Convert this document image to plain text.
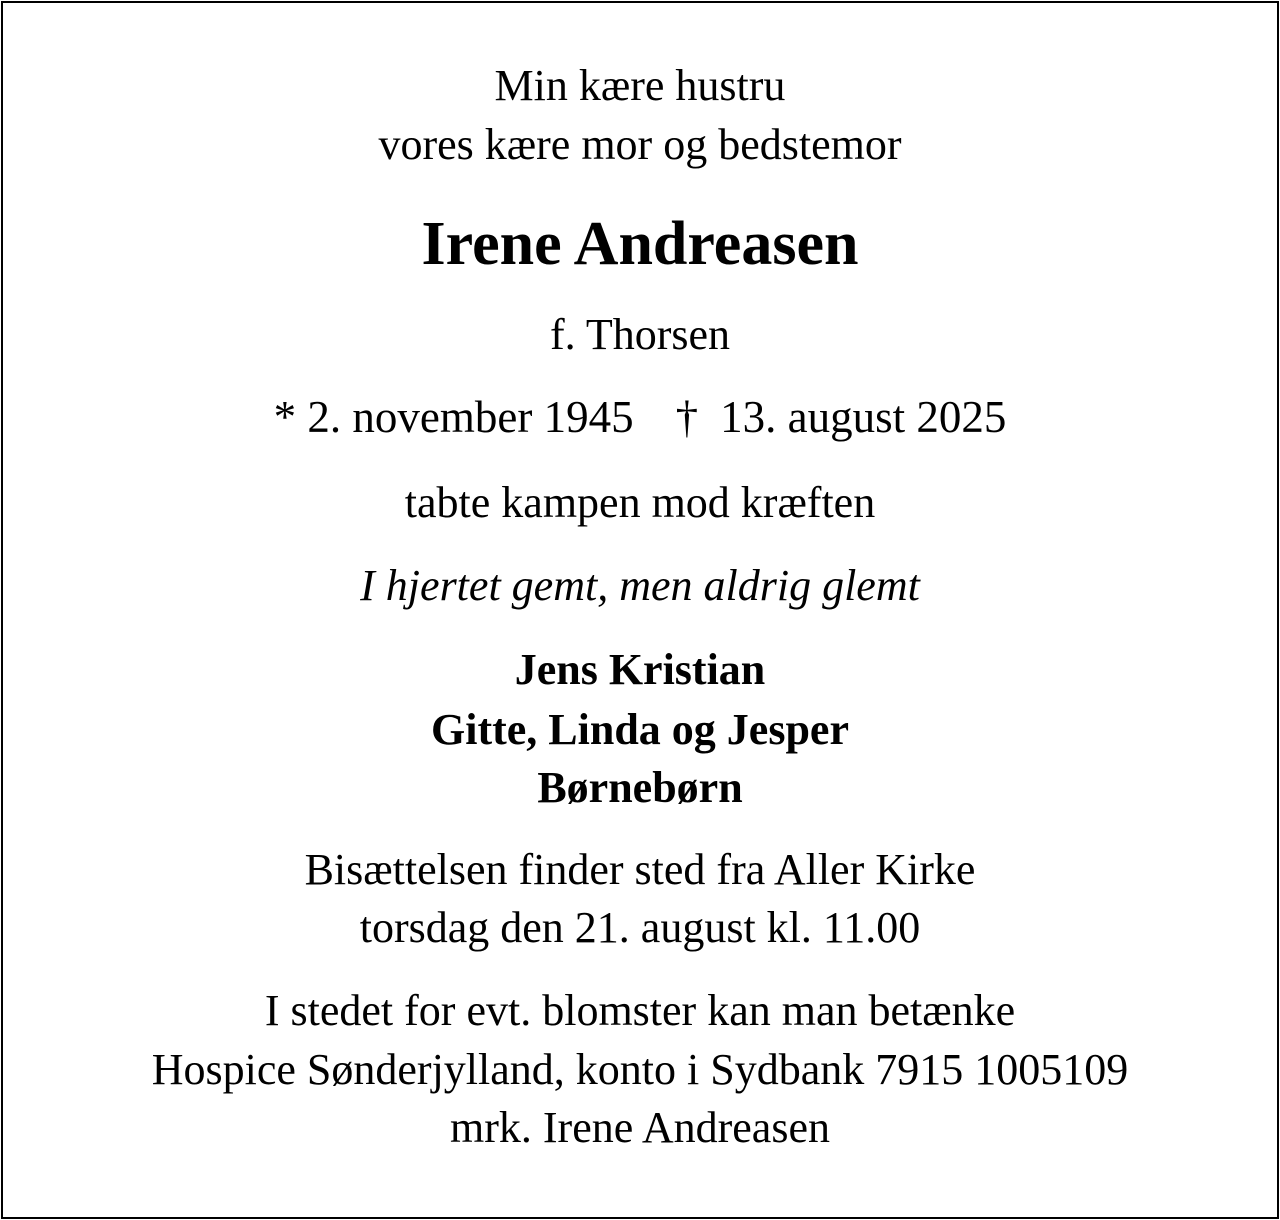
Min kære hustru
vores kære mor og bedstemor
Irene Andreasen
f. Thorsen
*
2. november 1945 † 13. august 2025
tabte kampen mod kræften
I hjertet gemt, men aldrig glemt
Jens Kristian
Gitte, Linda og Jesper
Børnebørn
Bisættelsen finder sted fra Aller Kirke
torsdag den 21. august kl. 11.00
I stedet for evt. blomster kan man betænke
Hospice Sønderjylland, konto i Sydbank 7915 1005109
mrk. Irene Andreasen
